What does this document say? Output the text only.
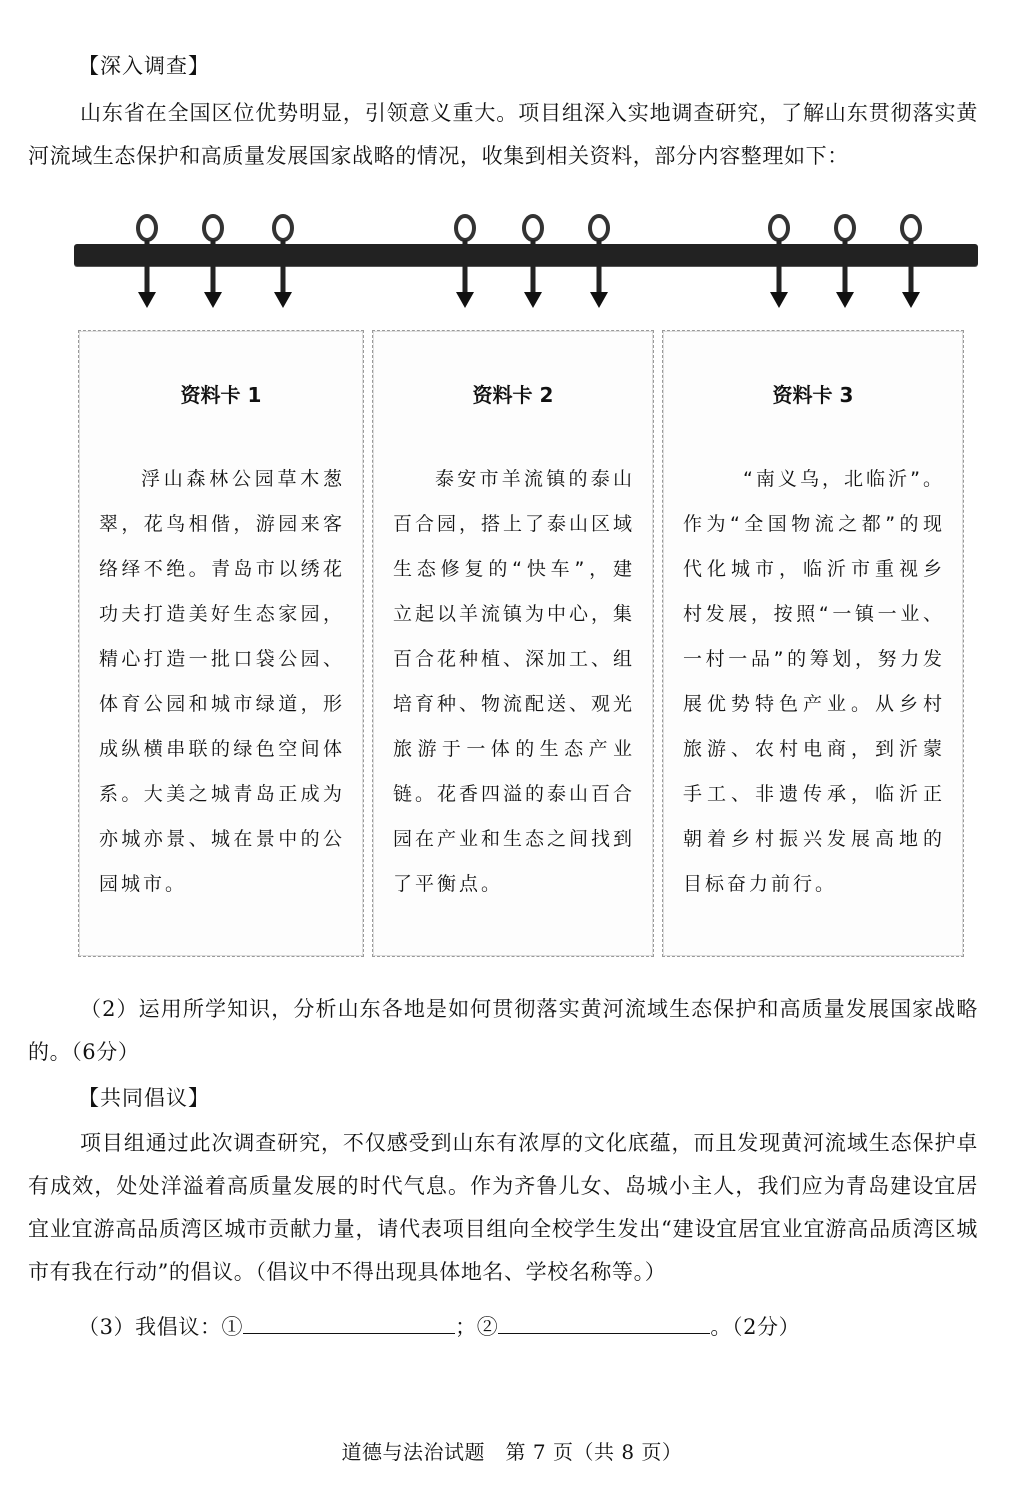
【深入调查】
山东省在全国区位优势明显，引领意义重大。项目组深入实地调查研究，了解山东贯彻落实黄河流域生态保护和高质量发展国家战略的情况，收集到相关资料，部分内容整理如下：
资料卡 1
浮山森林公园草木葱翠，花鸟相偕，游园来客络绎不绝。青岛市以绣花功夫打造美好生态家园，精心打造一批口袋公园、体育公园和城市绿道，形成纵横串联的绿色空间体系。大美之城青岛正成为亦城亦景、城在景中的公园城市。
资料卡 2
泰安市羊流镇的泰山百合园，搭上了泰山区域生态修复的“快车”，建立起以羊流镇为中心，集百合花种植、深加工、组培育种、物流配送、观光旅游于一体的生态产业链。花香四溢的泰山百合园在产业和生态之间找到了平衡点。
资料卡 3
“南义乌，北临沂”。作为“全国物流之都”的现代化城市，临沂市重视乡村发展，按照“一镇一业、一村一品”的筹划，努力发展优势特色产业。从乡村旅游、农村电商，到沂蒙手工、非遗传承，临沂正朝着乡村振兴发展高地的目标奋力前行。
（2）运用所学知识，分析山东各地是如何贯彻落实黄河流域生态保护和高质量发展国家战略的。（6分）
【共同倡议】
项目组通过此次调查研究，不仅感受到山东有浓厚的文化底蕴，而且发现黄河流域生态保护卓有成效，处处洋溢着高质量发展的时代气息。作为齐鲁儿女、岛城小主人，我们应为青岛建设宜居宜业宜游高品质湾区城市贡献力量，请代表项目组向全校学生发出“建设宜居宜业宜游高品质湾区城市有我在行动”的倡议。（倡议中不得出现具体地名、学校名称等。）
（3）我倡议：①	；②	。（2分）
道德与法治试题　第 7 页（共 8 页）
